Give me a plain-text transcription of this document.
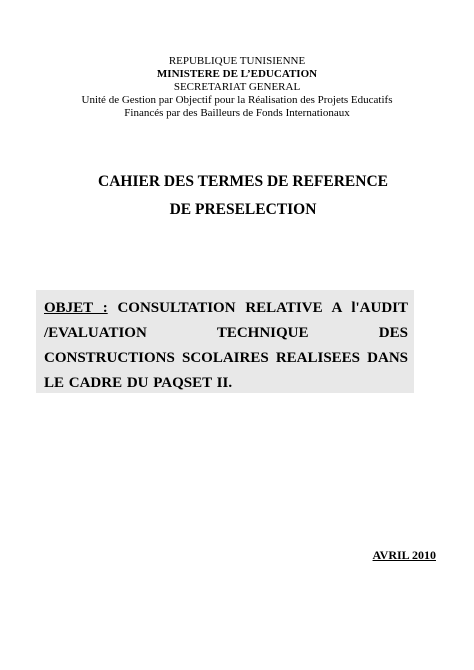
REPUBLIQUE TUNISIENNE
MINISTERE DE L’EDUCATION
SECRETARIAT GENERAL
Unité de Gestion par Objectif pour la Réalisation des Projets Educatifs
Financés par des Bailleurs de Fonds Internationaux
CAHIER DES TERMES DE REFERENCE
DE PRESELECTION

OBJET : CONSULTATION RELATIVE A l'AUDIT /EVALUATION TECHNIQUE DES CONSTRUCTIONS SCOLAIRES REALISEES DANS LE CADRE DU PAQSET II.

AVRIL 2010
